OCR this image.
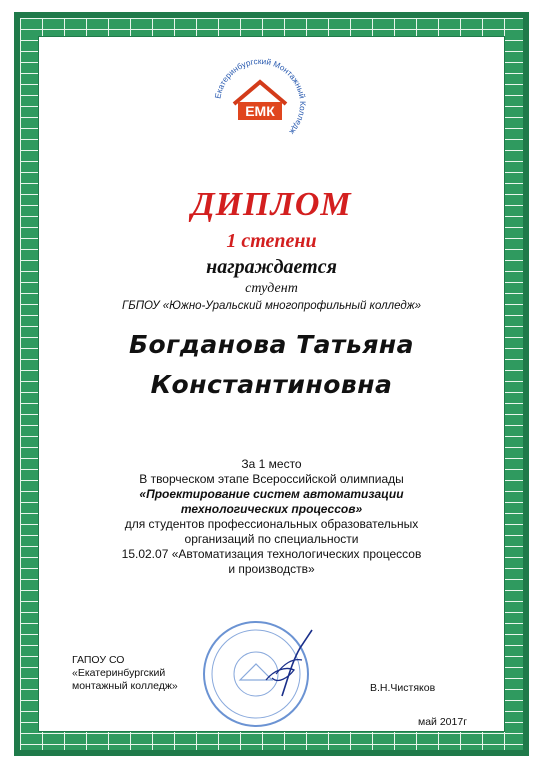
Екатеринбургский Монтажный Колледж
ЕМК
ДИПЛОМ
1 степени
награждается
студент
ГБПОУ «Южно-Уральский многопрофильный колледж»
Богданова Татьяна
Константиновна
За 1 место
В творческом этапе Всероссийской олимпиады
«Проектирование систем автоматизации
технологических процессов»
для студентов профессиональных образовательных
организаций по специальности
15.02.07 «Автоматизация технологических процессов
и производств»
ГАПОУ СО
«Екатеринбургский
монтажный колледж»	В.Н.Чистяков
май 2017г
